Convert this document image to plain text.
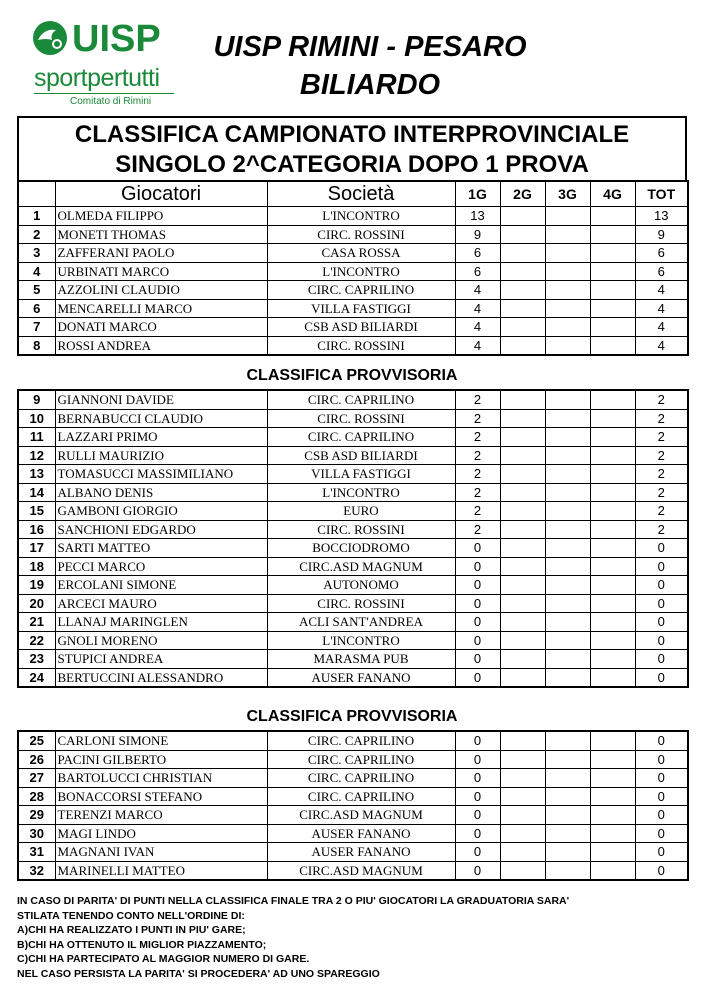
UISP
sportpertutti
Comitato di Rimini
UISP RIMINI - PESARO
BILIARDO
CLASSIFICA CAMPIONATO INTERPROVINCIALE
SINGOLO 2^CATEGORIA DOPO 1 PROVA
	Giocatori	Società	1G	2G	3G	4G	TOT
1	OLMEDA FILIPPO	L'INCONTRO	13				13
2	MONETI THOMAS	CIRC. ROSSINI	9				9
3	ZAFFERANI PAOLO	CASA ROSSA	6				6
4	URBINATI MARCO	L'INCONTRO	6				6
5	AZZOLINI CLAUDIO	CIRC. CAPRILINO	4				4
6	MENCARELLI MARCO	VILLA FASTIGGI	4				4
7	DONATI MARCO	CSB ASD BILIARDI	4				4
8	ROSSI ANDREA	CIRC. ROSSINI	4				4
CLASSIFICA PROVVISORIA
9	GIANNONI DAVIDE	CIRC. CAPRILINO	2				2
10	BERNABUCCI CLAUDIO	CIRC. ROSSINI	2				2
11	LAZZARI PRIMO	CIRC. CAPRILINO	2				2
12	RULLI MAURIZIO	CSB ASD BILIARDI	2				2
13	TOMASUCCI MASSIMILIANO	VILLA FASTIGGI	2				2
14	ALBANO DENIS	L'INCONTRO	2				2
15	GAMBONI GIORGIO	EURO	2				2
16	SANCHIONI EDGARDO	CIRC. ROSSINI	2				2
17	SARTI MATTEO	BOCCIODROMO	0				0
18	PECCI MARCO	CIRC.ASD MAGNUM	0				0
19	ERCOLANI SIMONE	AUTONOMO	0				0
20	ARCECI MAURO	CIRC. ROSSINI	0				0
21	LLANAJ MARINGLEN	ACLI SANT'ANDREA	0				0
22	GNOLI MORENO	L'INCONTRO	0				0
23	STUPICI ANDREA	MARASMA PUB	0				0
24	BERTUCCINI ALESSANDRO	AUSER FANANO	0				0
CLASSIFICA PROVVISORIA
25	CARLONI SIMONE	CIRC. CAPRILINO	0				0
26	PACINI GILBERTO	CIRC. CAPRILINO	0				0
27	BARTOLUCCI CHRISTIAN	CIRC. CAPRILINO	0				0
28	BONACCORSI STEFANO	CIRC. CAPRILINO	0				0
29	TERENZI MARCO	CIRC.ASD MAGNUM	0				0
30	MAGI LINDO	AUSER FANANO	0				0
31	MAGNANI IVAN	AUSER FANANO	0				0
32	MARINELLI MATTEO	CIRC.ASD MAGNUM	0				0
IN CASO DI PARITA' DI PUNTI NELLA CLASSIFICA FINALE TRA 2 O PIU' GIOCATORI LA GRADUATORIA SARA'
STILATA TENENDO CONTO NELL'ORDINE DI:
A)CHI HA REALIZZATO I PUNTI IN PIU' GARE;
B)CHI HA OTTENUTO IL MIGLIOR PIAZZAMENTO;
C)CHI HA PARTECIPATO AL MAGGIOR NUMERO DI GARE.
NEL CASO PERSISTA LA PARITA' SI PROCEDERA' AD UNO SPAREGGIO
